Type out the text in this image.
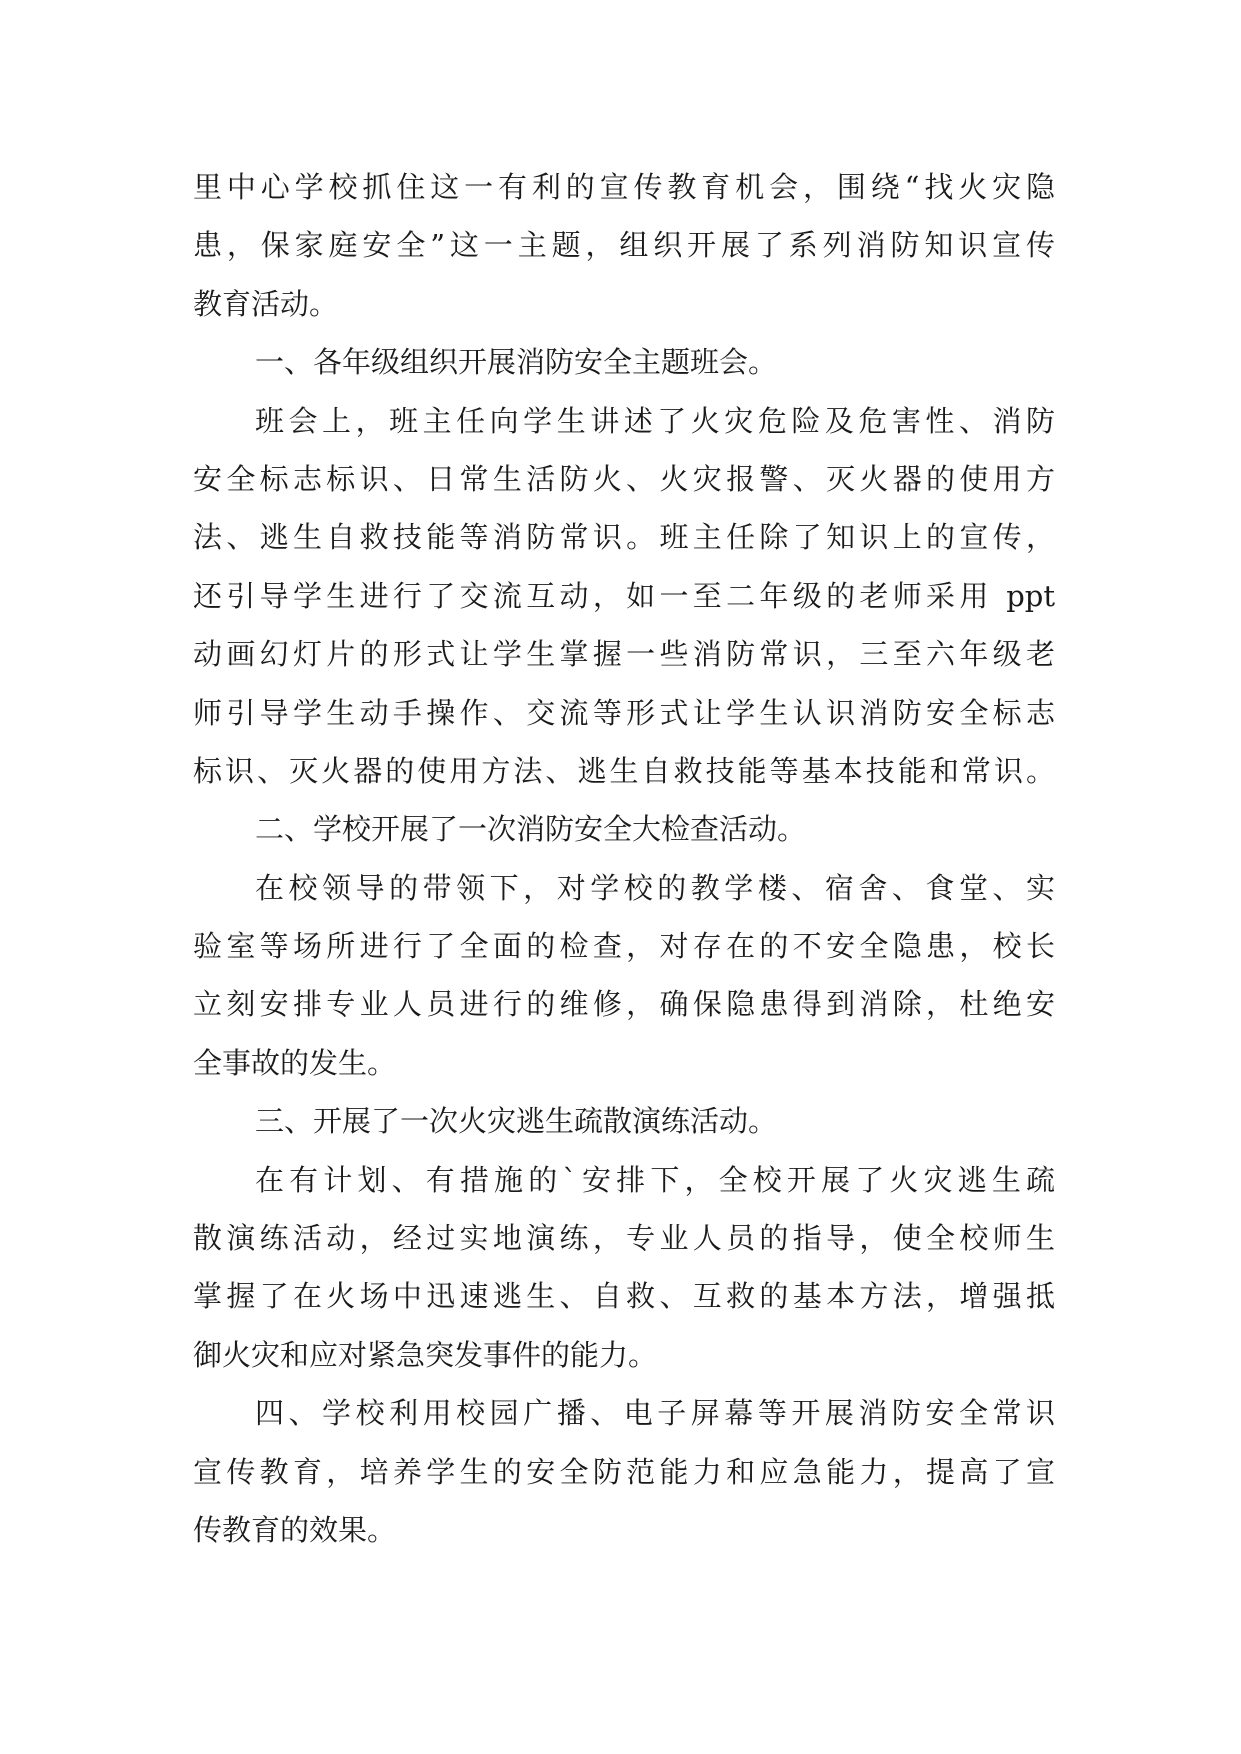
里中心学校抓住这一有利的宣传教育机会，围绕“找火灾隐
患，保家庭安全”这一主题，组织开展了系列消防知识宣传
教育活动。
一、各年级组织开展消防安全主题班会。
班会上，班主任向学生讲述了火灾危险及危害性、消防
安全标志标识、日常生活防火、火灾报警、灭火器的使用方
法、逃生自救技能等消防常识。班主任除了知识上的宣传，
还引导学生进行了交流互动，如一至二年级的老师采用 ppt
动画幻灯片的形式让学生掌握一些消防常识，三至六年级老
师引导学生动手操作、交流等形式让学生认识消防安全标志
标识、灭火器的使用方法、逃生自救技能等基本技能和常识。
二、学校开展了一次消防安全大检查活动。
在校领导的带领下，对学校的教学楼、宿舍、食堂、实
验室等场所进行了全面的检查，对存在的不安全隐患，校长
立刻安排专业人员进行的维修，确保隐患得到消除，杜绝安
全事故的发生。
三、开展了一次火灾逃生疏散演练活动。
在有计划、有措施的`安排下，全校开展了火灾逃生疏
散演练活动，经过实地演练，专业人员的指导，使全校师生
掌握了在火场中迅速逃生、自救、互救的基本方法，增强抵
御火灾和应对紧急突发事件的能力。
四、学校利用校园广播、电子屏幕等开展消防安全常识
宣传教育，培养学生的安全防范能力和应急能力，提高了宣
传教育的效果。
